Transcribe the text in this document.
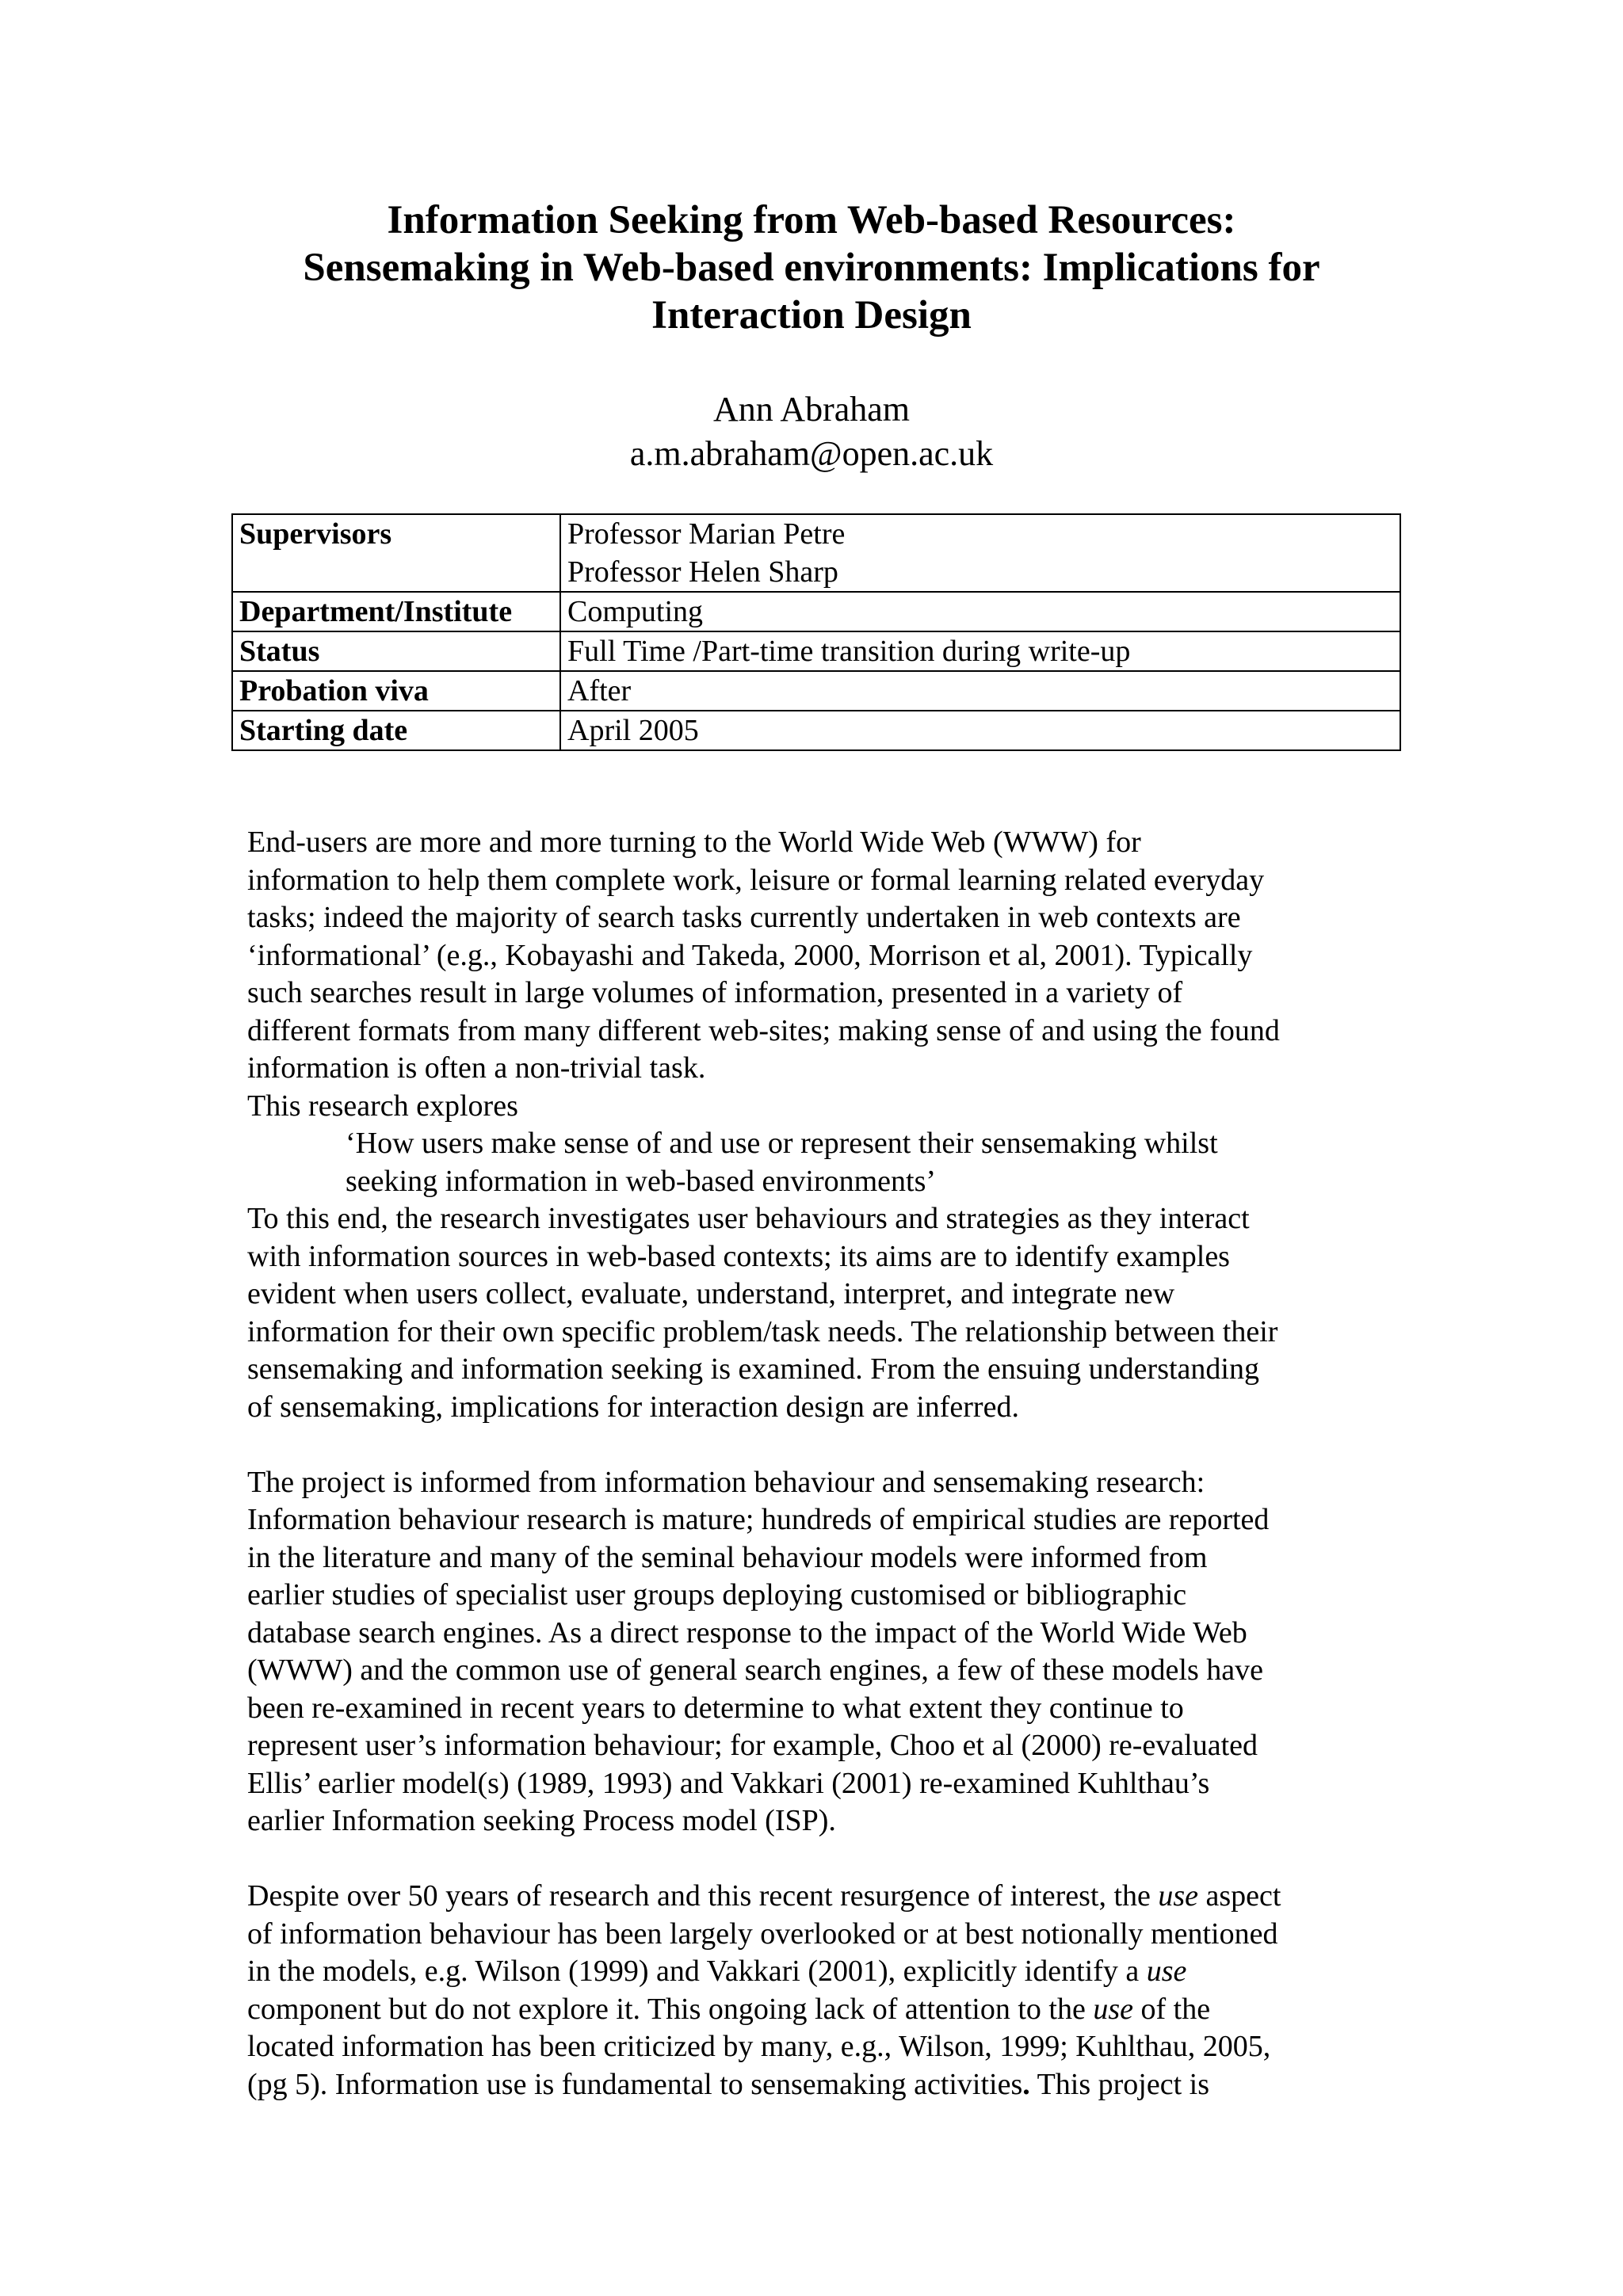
Information Seeking from Web-based Resources:
Sensemaking in Web-based environments: Implications for
Interaction Design
Ann Abraham
a.m.abraham@open.ac.uk
Supervisors	Professor Marian Petre
Professor Helen Sharp

Department/Institute	Computing
Status	Full Time /Part-time transition during write-up
Probation viva	After
Starting date	April 2005
End-users are more and more turning to the World Wide Web (WWW) for
information to help them complete work, leisure or formal learning related everyday
tasks; indeed the majority of search tasks currently undertaken in web contexts are
‘informational’ (e.g., Kobayashi and Takeda, 2000, Morrison et al, 2001). Typically
such searches result in large volumes of information, presented in a variety of
different formats from many different web-sites; making sense of and using the found
information is often a non-trivial task.
This research explores
‘How users make sense of and use or represent their sensemaking whilst
seeking information in web-based environments’
To this end, the research investigates user behaviours and strategies as they interact
with information sources in web-based contexts; its aims are to identify examples
evident when users collect, evaluate, understand, interpret, and integrate new
information for their own specific problem/task needs. The relationship between their
sensemaking and information seeking is examined. From the ensuing understanding
of sensemaking, implications for interaction design are inferred.
The project is informed from information behaviour and sensemaking research:
Information behaviour research is mature; hundreds of empirical studies are reported
in the literature and many of the seminal behaviour models were informed from
earlier studies of specialist user groups deploying customised or bibliographic
database search engines. As a direct response to the impact of the World Wide Web
(WWW) and the common use of general search engines, a few of these models have
been re-examined in recent years to determine to what extent they continue to
represent user’s information behaviour; for example, Choo et al (2000) re-evaluated
Ellis’ earlier model(s) (1989, 1993) and Vakkari (2001) re-examined Kuhlthau’s
earlier Information seeking Process model (ISP).
Despite over 50 years of research and this recent resurgence of interest, the use aspect
of information behaviour has been largely overlooked or at best notionally mentioned
in the models, e.g. Wilson (1999) and Vakkari (2001), explicitly identify a use
component but do not explore it. This ongoing lack of attention to the use of the
located information has been criticized by many, e.g., Wilson, 1999; Kuhlthau, 2005,
(pg 5). Information use is fundamental to sensemaking activities. This project is
